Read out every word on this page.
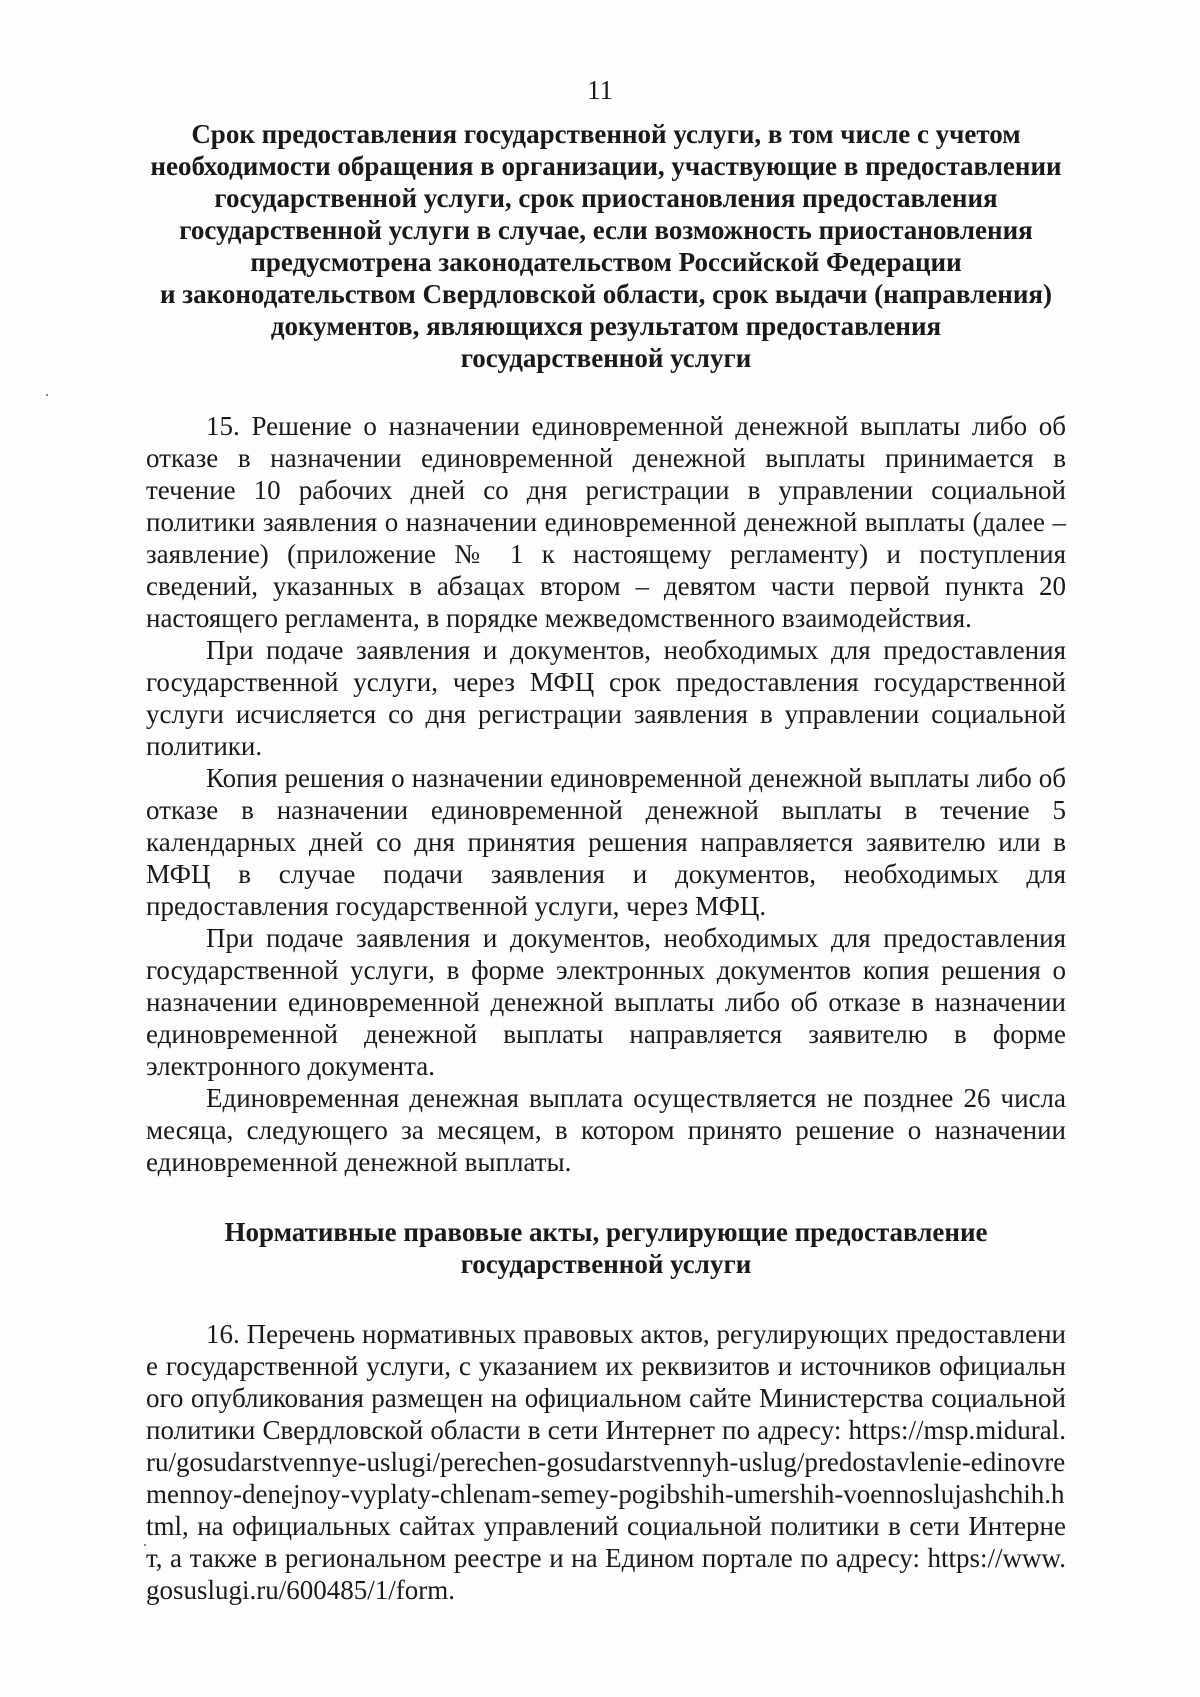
11
Срок предоставления государственной услуги, в том числе с учетом
необходимости обращения в организации, участвующие в предоставлении
государственной услуги, срок приостановления предоставления
государственной услуги в случае, если возможность приостановления
предусмотрена законодательством Российской Федерации
и законодательством Свердловской области, срок выдачи (направления)
документов, являющихся результатом предоставления
государственной услуги

15. Решение о назначении единовременной денежной выплаты либо об отказе в назначении единовременной денежной выплаты принимается в течение 10 рабочих дней со дня регистрации в управлении социальной политики заявления о назначении единовременной денежной выплаты (далее – заявление) (приложение № 1 к настоящему регламенту) и поступления сведений, указанных в абзацах втором – девятом части первой пункта 20 настоящего регламента, в порядке межведомственного взаимодействия.

При подаче заявления и документов, необходимых для предоставления государственной услуги, через МФЦ срок предоставления государственной услуги исчисляется со дня регистрации заявления в управлении социальной политики.

Копия решения о назначении единовременной денежной выплаты либо об отказе в назначении единовременной денежной выплаты в течение 5 календарных дней со дня принятия решения направляется заявителю или в МФЦ в случае подачи заявления и документов, необходимых для предоставления государственной услуги, через МФЦ.

При подаче заявления и документов, необходимых для предоставления государственной услуги, в форме электронных документов копия решения о назначении единовременной денежной выплаты либо об отказе в назначении единовременной денежной выплаты направляется заявителю в форме электронного документа.

Единовременная денежная выплата осуществляется не позднее 26 числа месяца, следующего за месяцем, в котором принято решение о назначении единовременной денежной выплаты.

Нормативные правовые акты, регулирующие предоставление
государственной услуги

16. Перечень нормативных правовых актов, регулирующих предоставление государственной услуги, с указанием их реквизитов и источников официального опубликования размещен на официальном сайте Министерства социальной политики Свердловской области в сети Интернет по адресу: https://msp.midural.ru/gosudarstvennye-uslugi/perechen-gosudarstvennyh-uslug/predostavlenie-edinovremennoy-denejnoy-vyplaty-chlenam-semey-pogibshih-umershih-voennoslujashchih.html, на официальных сайтах управлений социальной политики в сети Интернет, а также в региональном реестре и на Едином портале по адресу: https://www.gosuslugi.ru/600485/1/form.
